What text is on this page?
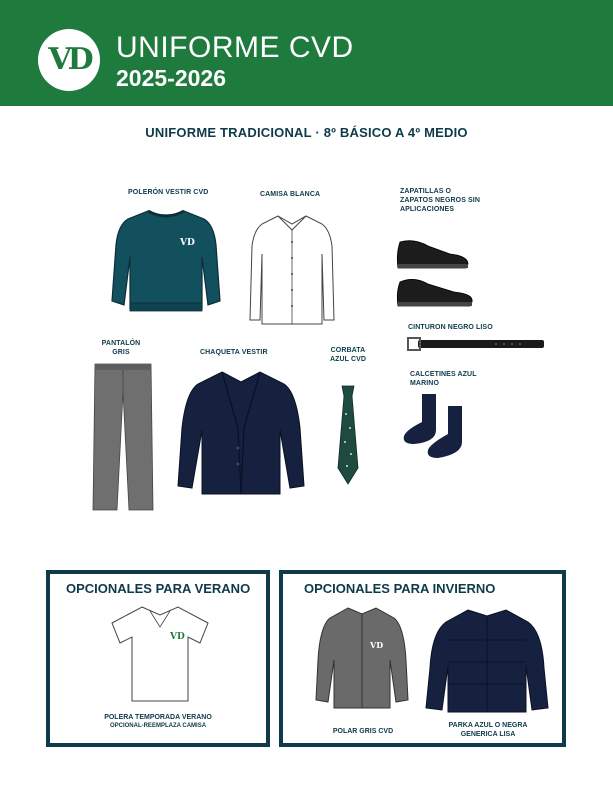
VD UNIFORME CVD
2025-2026
UNIFORME TRADICIONAL · 8º BÁSICO A 4º MEDIO
POLERÓN VESTIR CVD
VD
CAMISA BLANCA	ZAPATILLAS O ZAPATOS NEGROS SIN APLICACIONES
CINTURON NEGRO LISO
PANTALÓN GRIS	CHAQUETA VESTIR	CORBATA AZUL CVD
CALCETINES AZUL MARINO
OPCIONALES PARA VERANO
VD
POLERA TEMPORADA VERANO
OPCIONAL-REEMPLAZA CAMISA
OPCIONALES PARA INVIERNO
VD
POLAR GRIS CVD
PARKA AZUL O NEGRA GENERICA LISA
